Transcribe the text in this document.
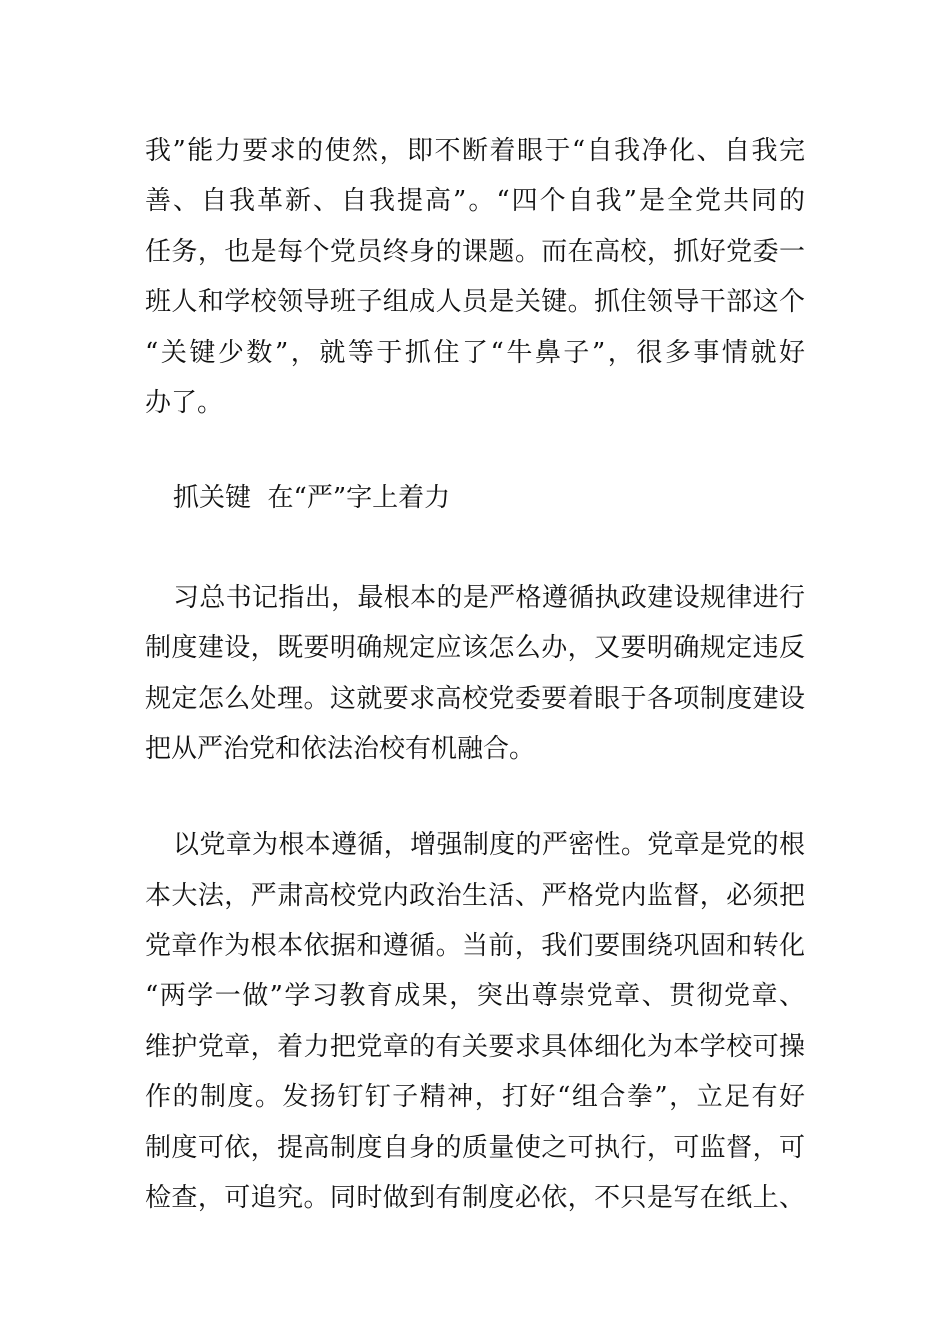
我”能力要求的使然，即不断着眼于“自我净化、自我完
善、自我革新、自我提高”。“四个自我”是全党共同的
任务，也是每个党员终身的课题。而在高校，抓好党委一
班人和学校领导班子组成人员是关键。抓住领导干部这个
“关键少数”，就等于抓住了“牛鼻子”，很多事情就好
办了。
抓关键  在“严”字上着力
习总书记指出，最根本的是严格遵循执政建设规律进行
制度建设，既要明确规定应该怎么办，又要明确规定违反
规定怎么处理。这就要求高校党委要着眼于各项制度建设
把从严治党和依法治校有机融合。
以党章为根本遵循，增强制度的严密性。党章是党的根
本大法，严肃高校党内政治生活、严格党内监督，必须把
党章作为根本依据和遵循。当前，我们要围绕巩固和转化
“两学一做”学习教育成果，突出尊崇党章、贯彻党章、
维护党章，着力把党章的有关要求具体细化为本学校可操
作的制度。发扬钉钉子精神，打好“组合拳”，立足有好
制度可依，提高制度自身的质量使之可执行，可监督，可
检查，可追究。同时做到有制度必依，不只是写在纸上、
